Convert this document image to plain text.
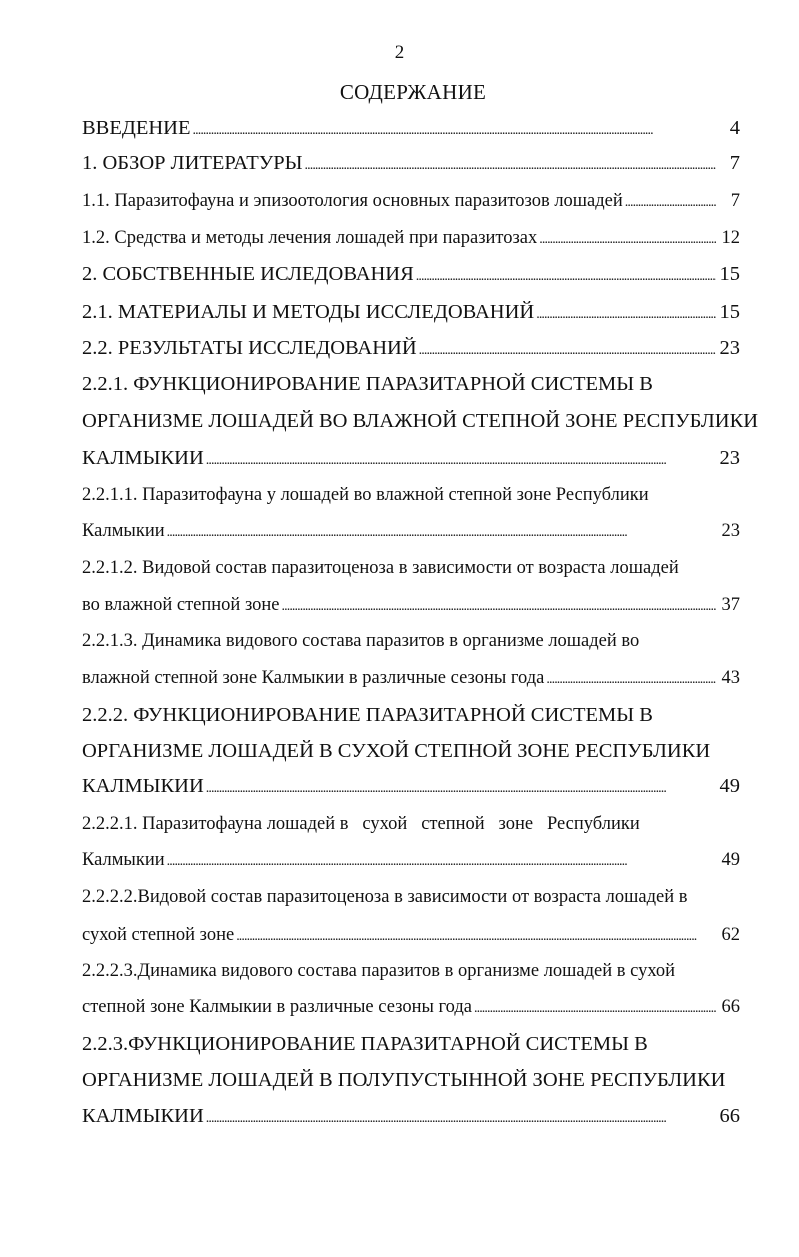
2
СОДЕРЖАНИЕ
ВВЕДЕНИЕ . . .	4
1. ОБЗОР ЛИТЕРАТУРЫ . . .	7
1.1. Паразитофауна и эпизоотология основных паразитозов лошадей . . .	7
1.2. Средства и методы лечения лошадей при паразитозах . . .	12
2. СОБСТВЕННЫЕ ИСЛЕДОВАНИЯ . . .	15
2.1. МАТЕРИАЛЫ И МЕТОДЫ ИССЛЕДОВАНИЙ . . .	15
2.2. РЕЗУЛЬТАТЫ ИССЛЕДОВАНИЙ . . .	23
2.2.1. ФУНКЦИОНИРОВАНИЕ ПАРАЗИТАРНОЙ СИСТЕМЫ В
ОРГАНИЗМЕ ЛОШАДЕЙ ВО ВЛАЖНОЙ СТЕПНОЙ ЗОНЕ РЕСПУБЛИКИ
КАЛМЫКИИ . . .	23
2.2.1.1. Паразитофауна у лошадей во влажной степной зоне Республики
Калмыкии . . .	23
2.2.1.2. Видовой состав паразитоценоза в зависимости от возраста лошадей
во влажной степной зоне . . .	37
2.2.1.3. Динамика видового состава паразитов в организме лошадей во
влажной степной зоне Калмыкии в различные сезоны года . . .	43
2.2.2. ФУНКЦИОНИРОВАНИЕ ПАРАЗИТАРНОЙ СИСТЕМЫ В
ОРГАНИЗМЕ ЛОШАДЕЙ В СУХОЙ СТЕПНОЙ ЗОНЕ РЕСПУБЛИКИ
КАЛМЫКИИ . . .	49
2.2.2.1. Паразитофауна лошадей в   сухой   степной   зоне   Республики
Калмыкии . . .	49
2.2.2.2.Видовой состав паразитоценоза в зависимости от возраста лошадей в
сухой степной зоне . . .	62
2.2.2.3.Динамика видового состава паразитов в организме лошадей в сухой
степной зоне Калмыкии в различные сезоны года . . .	66
2.2.3.ФУНКЦИОНИРОВАНИЕ ПАРАЗИТАРНОЙ СИСТЕМЫ В
ОРГАНИЗМЕ ЛОШАДЕЙ В ПОЛУПУСТЫННОЙ ЗОНЕ РЕСПУБЛИКИ
КАЛМЫКИИ . . .	66
